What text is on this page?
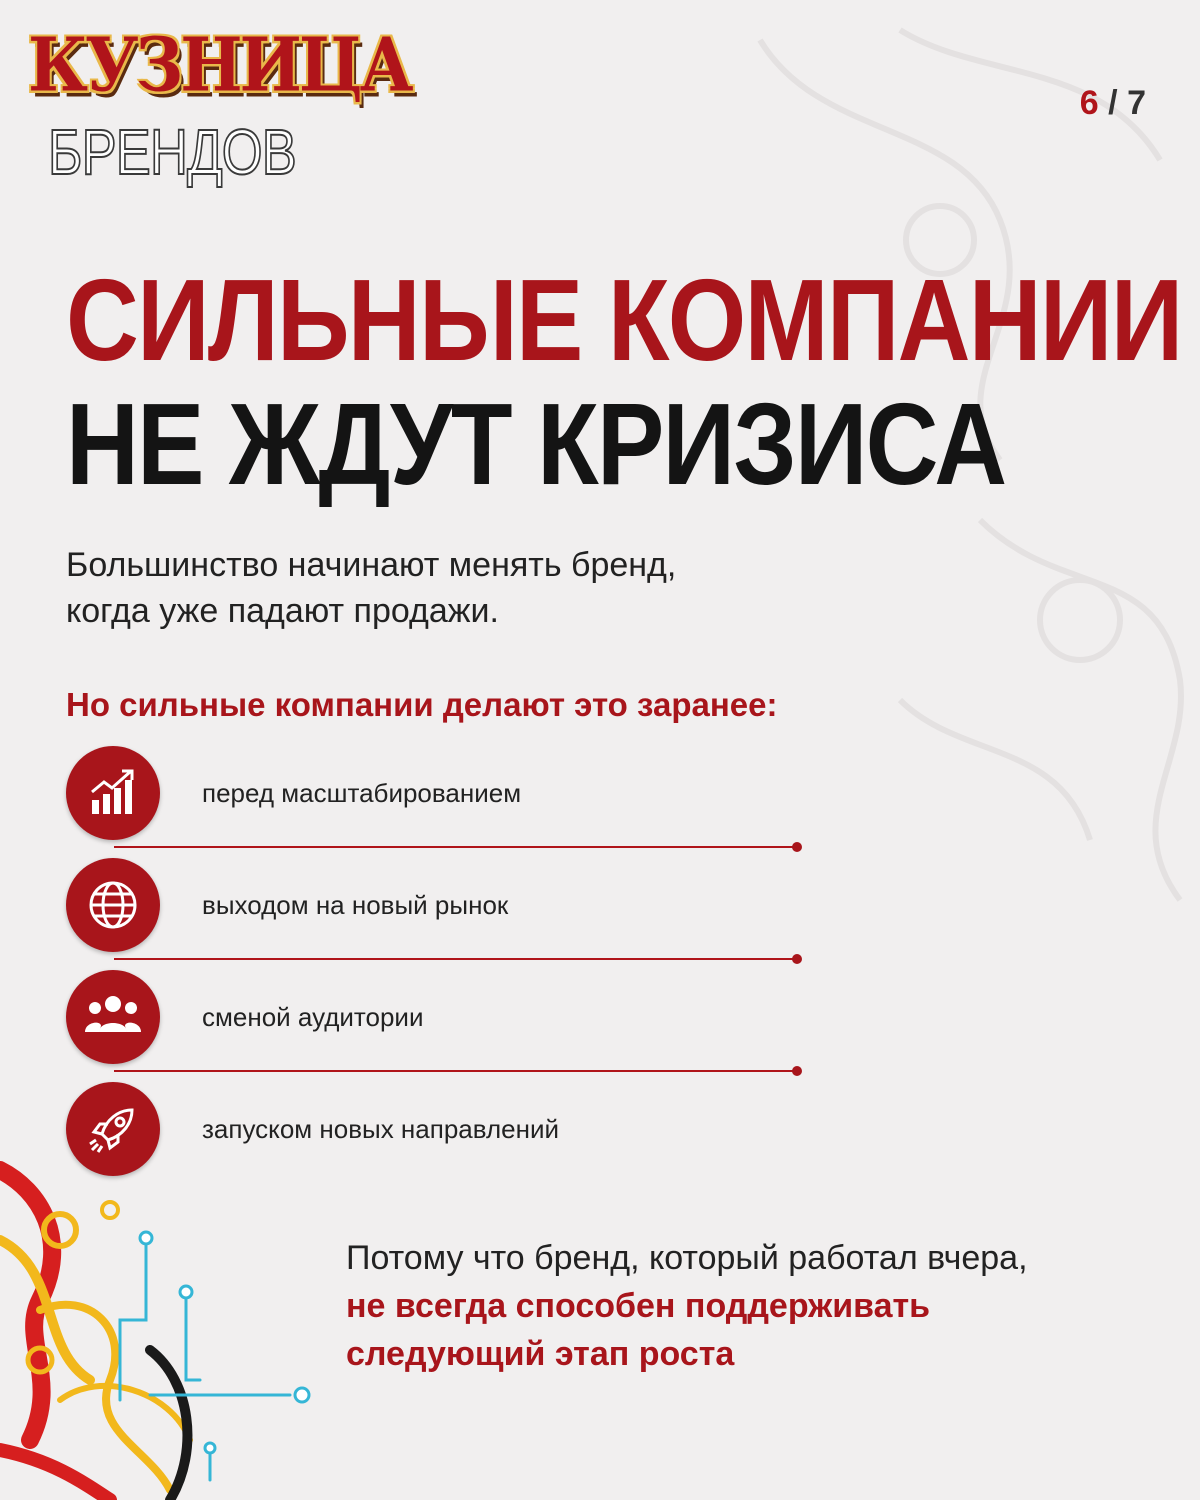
КУЗНИЦА
БРЕНДОВ
6 / 7
СИЛЬНЫЕ КОМПАНИИ
НЕ ЖДУТ КРИЗИСА
Большинство начинают менять бренд,
когда уже падают продажи.
Но сильные компании делают это заранее:
перед масштабированием
выходом на новый рынок
сменой аудитории
запуском новых направлений
Потому что бренд, который работал вчера,
не всегда способен поддерживать
следующий этап роста
